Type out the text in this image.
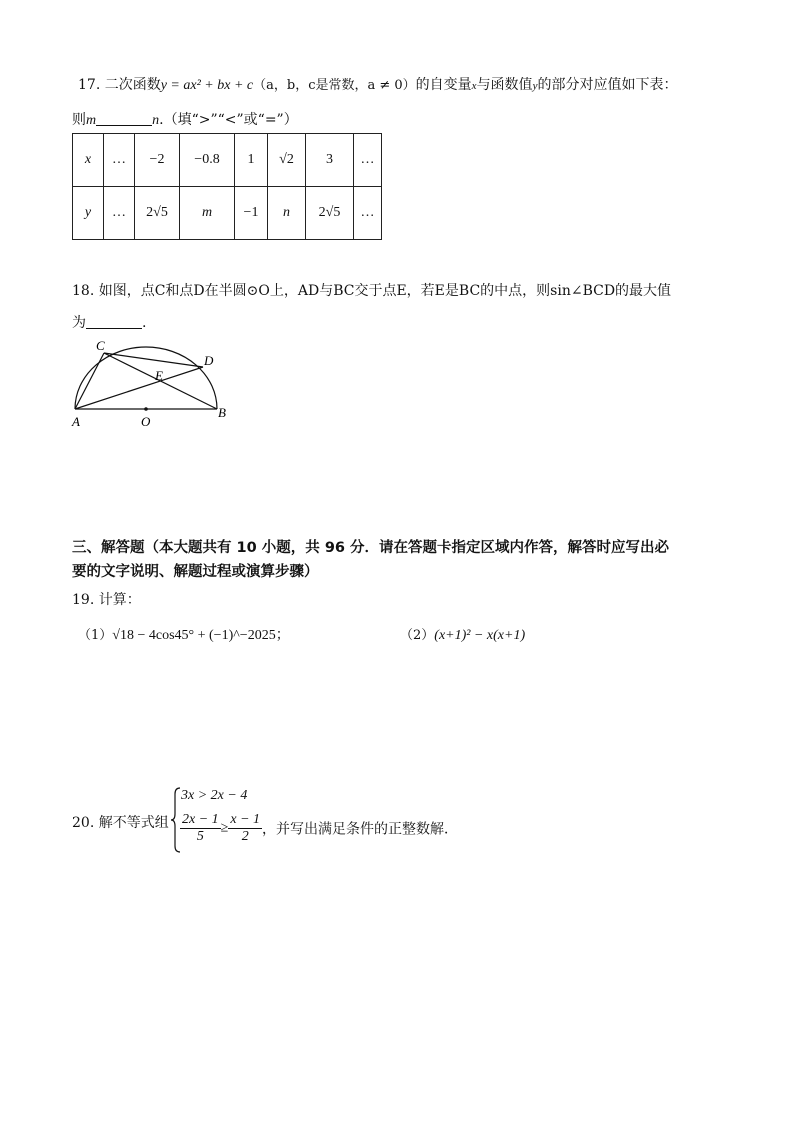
17. 二次函数y = ax² + bx + c（a，b，c是常数，a ≠ 0）的自变量x与函数值y的部分对应值如下表：
则m	n.（填“>”“<”或“=”）
x	…	−2	−0.8	1	√2	3	…
y	…	2√5	m	−1	n	2√5	…
18. 如图，点C和点D在半圆⊙O上，AD与BC交于点E，若E是BC的中点，则sin∠BCD的最大值
为	.
C
D
E
A	O
B
三、解答题（本大题共有 10 小题，共 96 分．请在答题卡指定区域内作答，解答时应写出必
要的文字说明、解题过程或演算步骤）
19. 计算：
（1）√18 − 4cos45° + (−1)^−2025；	（2）(x+1)² − x(x+1)
20. 解不等式组
3x > 2x − 4
$\frac{2x - 1}{5} \ge \frac{x - 1}{2}$ ，并写出满足条件的正整数解．
